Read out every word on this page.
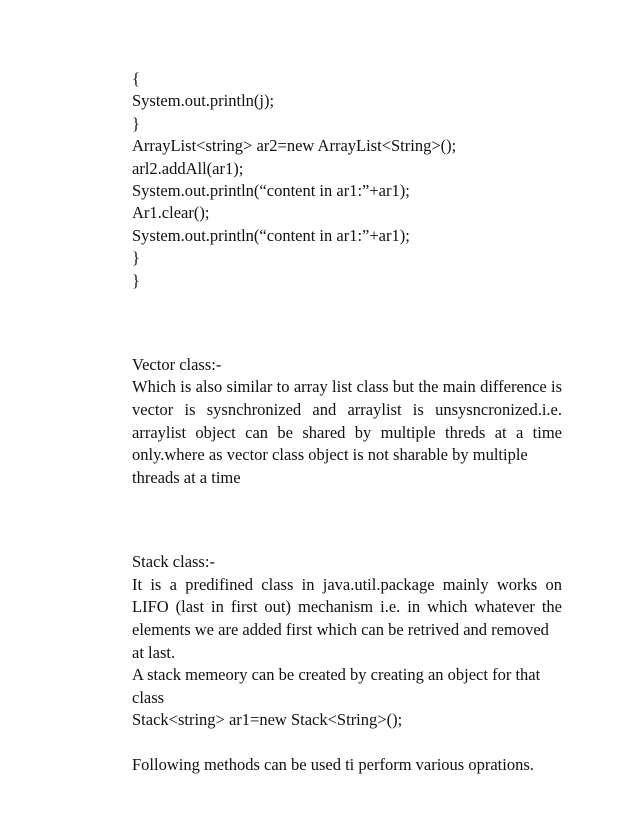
{
System.out.println(j);
}
ArrayList<string> ar2=new ArrayList<String>();
arl2.addAll(ar1);
System.out.println(“content in ar1:”+ar1);
Ar1.clear();
System.out.println(“content in ar1:”+ar1);
}
}
Vector class:-
Which is also similar to array list class but the main difference is vector is sysnchronized and arraylist is unsysncronized.i.e. arraylist object can be shared by multiple threds at a time only.where as vector class object is not sharable by multiple
threads at a time
Stack class:-
It is a predifined class in java.util.package mainly works on LIFO (last in first out) mechanism i.e. in which whatever the elements we are added first which can be retrived and removed
at last.
A stack memeory can be created by creating an object for that
class
Stack<string> ar1=new Stack<String>();
Following methods can be used ti perform various oprations.
